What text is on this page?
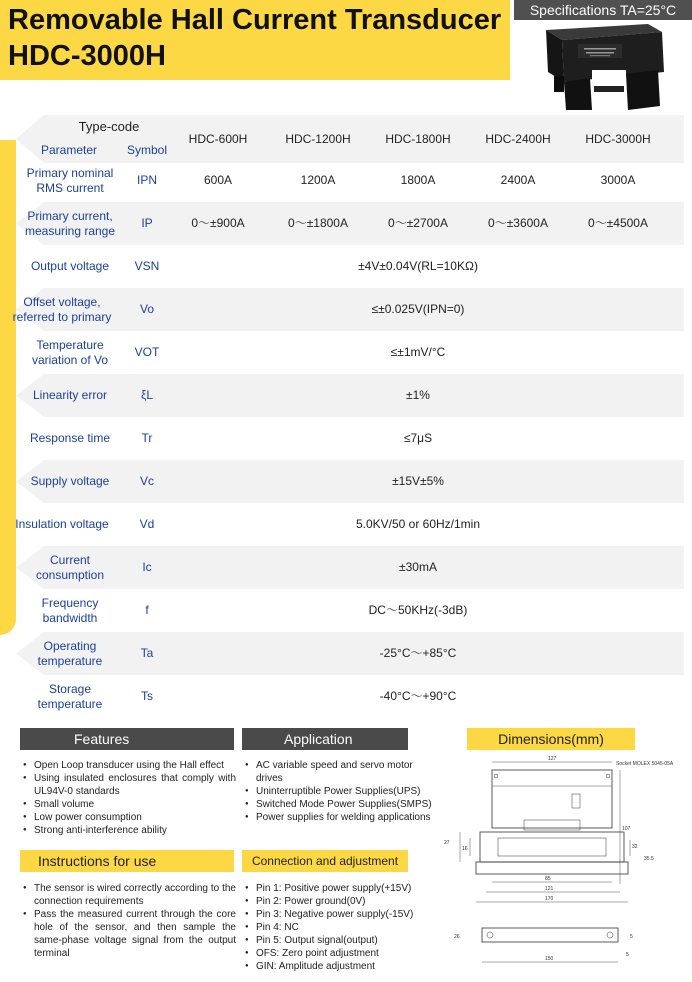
Removable Hall Current Transducer
HDC-3000H
Specifications TA=25°C
Type-code
Parameter	Symbol
HDC-600H	HDC-1200H	HDC-1800H	HDC-2400H	HDC-3000H
Primary nominal
RMS current
IPN	600A	1200A	1800A	2400A	3000A
Primary current,
measuring range
IP	0～±900A	0～±1800A	0～±2700A	0～±3600A	0～±4500A
Output voltage	VSN	±4V±0.04V(RL=10KΩ)
Offset voltage,
referred to primary
Vo	≤±0.025V(IPN=0)
Temperature
variation of Vo
VOT	≤±1mV/°C
Linearity error	ξL	±1%
Response time	Tr	≤7μS
Supply voltage	Vc	±15V±5%
Insulation voltage	Vd	5.0KV/50 or 60Hz/1min
Current
consumption
Ic	±30mA
Frequency
bandwidth
f	DC～50KHz(-3dB)
Operating
temperature
Ta	-25°C～+85°C
Storage
temperature
Ts	-40°C～+90°C
Features
● Open Loop transducer using the Hall effect
● Using insulated enclosures that comply with UL94V-0 standards
● Small volume
● Low power consumption
● Strong anti-interference ability
Application
● AC variable speed and servo motor drives
● Uninterruptible Power Supplies(UPS)
● Switched Mode Power Supplies(SMPS)
● Power supplies for welding applications
Dimensions(mm)
127
Socket MOLEX 5045-05A
107
27
16	32
35.5
85
121
170
26	5
150
5
Instructions for use
● The sensor is wired correctly according to the connection requirements
● Pass the measured current through the core hole of the sensor, and then sample the same-phase voltage signal from the output terminal
Connection and adjustment
● Pin 1: Positive power supply(+15V)
● Pin 2: Power ground(0V)
● Pin 3: Negative power supply(-15V)
● Pin 4: NC
● Pin 5: Output signal(output)
● OFS: Zero point adjustment
● GIN: Amplitude adjustment
